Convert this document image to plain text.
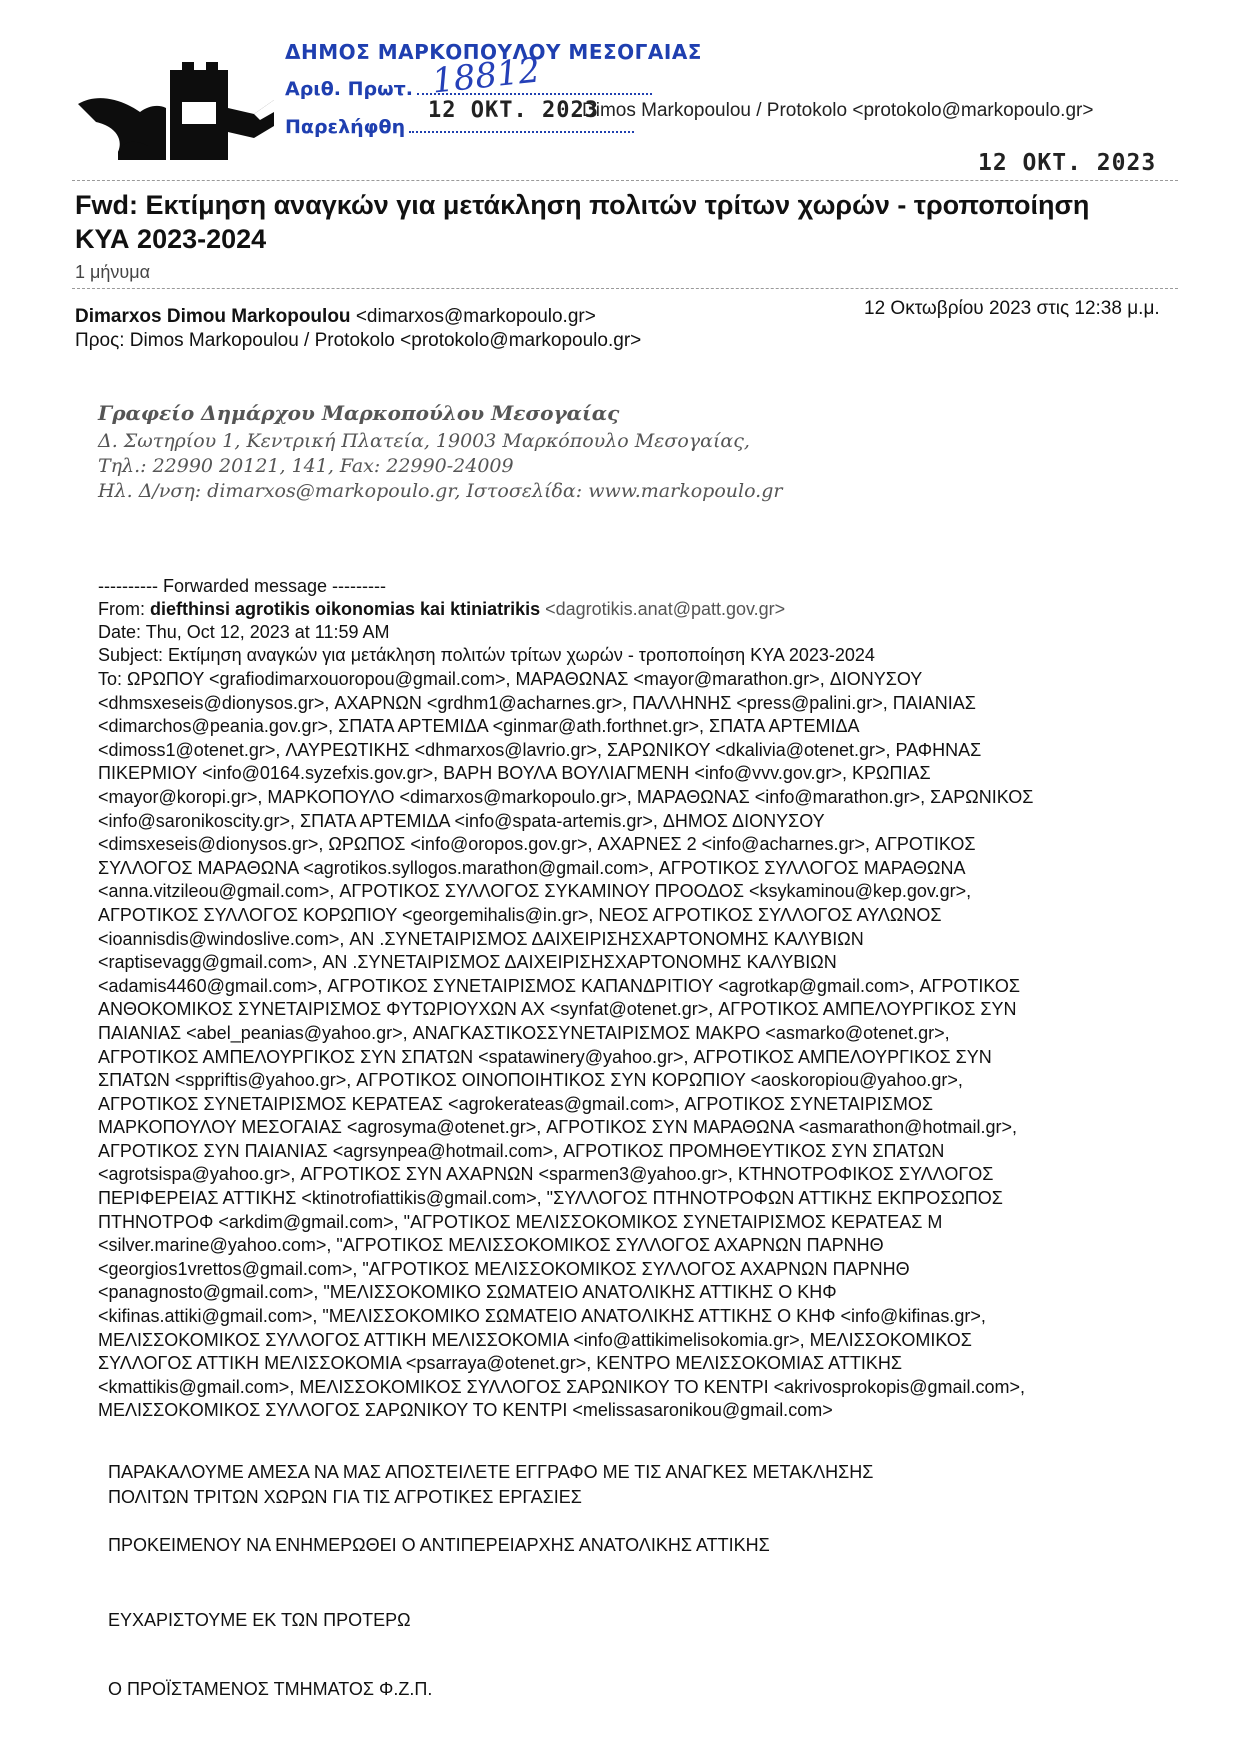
ΔΗΜΟΣ ΜΑΡΚΟΠΟΥΛΟΥ ΜΕΣΟΓΑΙΑΣ
Αριθ. Πρωτ. 18812
Παρελήφθη
12 ΟΚΤ. 2023
Dimos Markopoulou / Protokolo <protokolo@markopoulo.gr>
12 ΟΚΤ. 2023
Fwd: Εκτίμηση αναγκών για μετάκληση πολιτών τρίτων χωρών - τροποποίηση
ΚΥΑ 2023-2024
1 μήνυμα
Dimarxos Dimou Markopoulou <dimarxos@markopoulo.gr>	12 Οκτωβρίου 2023 στις 12:38 μ.μ.
Προς: Dimos Markopoulou / Protokolo <protokolo@markopoulo.gr>
Γραφείο Δημάρχου Μαρκοπούλου Μεσογαίας
Δ. Σωτηρίου 1, Κεντρική Πλατεία, 19003 Μαρκόπουλο Μεσογαίας,
Τηλ.: 22990 20121, 141, Fax: 22990-24009
Ηλ. Δ/νση: dimarxos@markopoulo.gr, Ιστοσελίδα: www.markopoulo.gr
---------- Forwarded message ---------
From: diefthinsi agrotikis oikonomias kai ktiniatrikis <dagrotikis.anat@patt.gov.gr>
Date: Thu, Oct 12, 2023 at 11:59 AM
Subject: Εκτίμηση αναγκών για μετάκληση πολιτών τρίτων χωρών - τροποποίηση ΚΥΑ 2023-2024
To: ΩΡΩΠΟΥ <grafiodimarxouoropou@gmail.com>, ΜΑΡΑΘΩΝΑΣ <mayor@marathon.gr>, ΔΙΟΝΥΣΟΥ
<dhmsxeseis@dionysos.gr>, ΑΧΑΡΝΩΝ <grdhm1@acharnes.gr>, ΠΑΛΛΗΝΗΣ <press@palini.gr>, ΠΑΙΑΝΙΑΣ
<dimarchos@peania.gov.gr>, ΣΠΑΤΑ ΑΡΤΕΜΙΔΑ <ginmar@ath.forthnet.gr>, ΣΠΑΤΑ ΑΡΤΕΜΙΔΑ
<dimoss1@otenet.gr>, ΛΑΥΡΕΩΤΙΚΗΣ <dhmarxos@lavrio.gr>, ΣΑΡΩΝΙΚΟΥ <dkalivia@otenet.gr>, ΡΑΦΗΝΑΣ
ΠΙΚΕΡΜΙΟΥ <info@0164.syzefxis.gov.gr>, ΒΑΡΗ ΒΟΥΛΑ ΒΟΥΛΙΑΓΜΕΝΗ <info@vvv.gov.gr>, ΚΡΩΠΙΑΣ
<mayor@koropi.gr>, ΜΑΡΚΟΠΟΥΛΟ <dimarxos@markopoulo.gr>, ΜΑΡΑΘΩΝΑΣ <info@marathon.gr>, ΣΑΡΩΝΙΚΟΣ
<info@saronikoscity.gr>, ΣΠΑΤΑ ΑΡΤΕΜΙΔΑ <info@spata-artemis.gr>, ΔΗΜΟΣ ΔΙΟΝΥΣΟΥ
<dimsxeseis@dionysos.gr>, ΩΡΩΠΟΣ <info@oropos.gov.gr>, ΑΧΑΡΝΕΣ 2 <info@acharnes.gr>, ΑΓΡΟΤΙΚΟΣ
ΣΥΛΛΟΓΟΣ ΜΑΡΑΘΩΝΑ <agrotikos.syllogos.marathon@gmail.com>, ΑΓΡΟΤΙΚΟΣ ΣΥΛΛΟΓΟΣ ΜΑΡΑΘΩΝΑ
<anna.vitzileou@gmail.com>, ΑΓΡΟΤΙΚΟΣ ΣΥΛΛΟΓΟΣ ΣΥΚΑΜΙΝΟΥ ΠΡΟΟΔΟΣ <ksykaminou@kep.gov.gr>,
ΑΓΡΟΤΙΚΟΣ ΣΥΛΛΟΓΟΣ ΚΟΡΩΠΙΟΥ <georgemihalis@in.gr>, ΝΕΟΣ ΑΓΡΟΤΙΚΟΣ ΣΥΛΛΟΓΟΣ ΑΥΛΩΝΟΣ
<ioannisdis@windoslive.com>, ΑΝ .ΣΥΝΕΤΑΙΡΙΣΜΟΣ ΔΑΙΧΕΙΡΙΣΗΣΧΑΡΤΟΝΟΜΗΣ ΚΑΛΥΒΙΩΝ
<raptisevagg@gmail.com>, ΑΝ .ΣΥΝΕΤΑΙΡΙΣΜΟΣ ΔΑΙΧΕΙΡΙΣΗΣΧΑΡΤΟΝΟΜΗΣ ΚΑΛΥΒΙΩΝ
<adamis4460@gmail.com>, ΑΓΡΟΤΙΚΟΣ ΣΥΝΕΤΑΙΡΙΣΜΟΣ ΚΑΠΑΝΔΡΙΤΙΟΥ <agrotkap@gmail.com>, ΑΓΡΟΤΙΚΟΣ
ΑΝΘΟΚΟΜΙΚΟΣ ΣΥΝΕΤΑΙΡΙΣΜΟΣ ΦΥΤΩΡΙΟΥΧΩΝ ΑΧ <synfat@otenet.gr>, ΑΓΡΟΤΙΚΟΣ ΑΜΠΕΛΟΥΡΓΙΚΟΣ ΣΥΝ
ΠΑΙΑΝΙΑΣ <abel_peanias@yahoo.gr>, ΑΝΑΓΚΑΣΤΙΚΟΣΣΥΝΕΤΑΙΡΙΣΜΟΣ ΜΑΚΡΟ <asmarko@otenet.gr>,
ΑΓΡΟΤΙΚΟΣ ΑΜΠΕΛΟΥΡΓΙΚΟΣ ΣΥΝ ΣΠΑΤΩΝ <spatawinery@yahoo.gr>, ΑΓΡΟΤΙΚΟΣ ΑΜΠΕΛΟΥΡΓΙΚΟΣ ΣΥΝ
ΣΠΑΤΩΝ <sppriftis@yahoo.gr>, ΑΓΡΟΤΙΚΟΣ ΟΙΝΟΠΟΙΗΤΙΚΟΣ ΣΥΝ ΚΟΡΩΠΙΟΥ <aoskoropiou@yahoo.gr>,
ΑΓΡΟΤΙΚΟΣ ΣΥΝΕΤΑΙΡΙΣΜΟΣ ΚΕΡΑΤΕΑΣ <agrokerateas@gmail.com>, ΑΓΡΟΤΙΚΟΣ ΣΥΝΕΤΑΙΡΙΣΜΟΣ
ΜΑΡΚΟΠΟΥΛΟΥ ΜΕΣΟΓΑΙΑΣ <agrosyma@otenet.gr>, ΑΓΡΟΤΙΚΟΣ ΣΥΝ ΜΑΡΑΘΩΝΑ <asmarathon@hotmail.gr>,
ΑΓΡΟΤΙΚΟΣ ΣΥΝ ΠΑΙΑΝΙΑΣ <agrsynpea@hotmail.com>, ΑΓΡΟΤΙΚΟΣ ΠΡΟΜΗΘΕΥΤΙΚΟΣ ΣΥΝ ΣΠΑΤΩΝ
<agrotsispa@yahoo.gr>, ΑΓΡΟΤΙΚΟΣ ΣΥΝ ΑΧΑΡΝΩΝ <sparmen3@yahoo.gr>, ΚΤΗΝΟΤΡΟΦΙΚΟΣ ΣΥΛΛΟΓΟΣ
ΠΕΡΙΦΕΡΕΙΑΣ ΑΤΤΙΚΗΣ <ktinotrofiattikis@gmail.com>, "ΣΥΛΛΟΓΟΣ ΠΤΗΝΟΤΡΟΦΩΝ ΑΤΤΙΚΗΣ ΕΚΠΡΟΣΩΠΟΣ
ΠΤΗΝΟΤΡΟΦ <arkdim@gmail.com>, "ΑΓΡΟΤΙΚΟΣ ΜΕΛΙΣΣΟΚΟΜΙΚΟΣ ΣΥΝΕΤΑΙΡΙΣΜΟΣ ΚΕΡΑΤΕΑΣ Μ
<silver.marine@yahoo.com>, "ΑΓΡΟΤΙΚΟΣ ΜΕΛΙΣΣΟΚΟΜΙΚΟΣ ΣΥΛΛΟΓΟΣ ΑΧΑΡΝΩΝ ΠΑΡΝΗΘ
<georgios1vrettos@gmail.com>, "ΑΓΡΟΤΙΚΟΣ ΜΕΛΙΣΣΟΚΟΜΙΚΟΣ ΣΥΛΛΟΓΟΣ ΑΧΑΡΝΩΝ ΠΑΡΝΗΘ
<panagnosto@gmail.com>, "ΜΕΛΙΣΣΟΚΟΜΙΚΟ ΣΩΜΑΤΕΙΟ ΑΝΑΤΟΛΙΚΗΣ ΑΤΤΙΚΗΣ Ο ΚΗΦ
<kifinas.attiki@gmail.com>, "ΜΕΛΙΣΣΟΚΟΜΙΚΟ ΣΩΜΑΤΕΙΟ ΑΝΑΤΟΛΙΚΗΣ ΑΤΤΙΚΗΣ Ο ΚΗΦ <info@kifinas.gr>,
ΜΕΛΙΣΣΟΚΟΜΙΚΟΣ ΣΥΛΛΟΓΟΣ ΑΤΤΙΚΗ ΜΕΛΙΣΣΟΚΟΜΙΑ <info@attikimelisokomia.gr>, ΜΕΛΙΣΣΟΚΟΜΙΚΟΣ
ΣΥΛΛΟΓΟΣ ΑΤΤΙΚΗ ΜΕΛΙΣΣΟΚΟΜΙΑ <psarraya@otenet.gr>, ΚΕΝΤΡΟ ΜΕΛΙΣΣΟΚΟΜΙΑΣ ΑΤΤΙΚΗΣ
<kmattikis@gmail.com>, ΜΕΛΙΣΣΟΚΟΜΙΚΟΣ ΣΥΛΛΟΓΟΣ ΣΑΡΩΝΙΚΟΥ ΤΟ ΚΕΝΤΡΙ <akrivosprokopis@gmail.com>,
ΜΕΛΙΣΣΟΚΟΜΙΚΟΣ ΣΥΛΛΟΓΟΣ ΣΑΡΩΝΙΚΟΥ ΤΟ ΚΕΝΤΡΙ <melissasaronikou@gmail.com>
ΠΑΡΑΚΑΛΟΥΜΕ ΑΜΕΣΑ ΝΑ ΜΑΣ ΑΠΟΣΤΕΙΛΕΤΕ ΕΓΓΡΑΦΟ ΜΕ ΤΙΣ ΑΝΑΓΚΕΣ ΜΕΤΑΚΛΗΣΗΣ
ΠΟΛΙΤΩΝ ΤΡΙΤΩΝ ΧΩΡΩΝ ΓΙΑ ΤΙΣ ΑΓΡΟΤΙΚΕΣ ΕΡΓΑΣΙΕΣ
ΠΡΟΚΕΙΜΕΝΟΥ ΝΑ ΕΝΗΜΕΡΩΘΕΙ Ο ΑΝΤΙΠΕΡΕΙΑΡΧΗΣ ΑΝΑΤΟΛΙΚΗΣ ΑΤΤΙΚΗΣ
ΕΥΧΑΡΙΣΤΟΥΜΕ ΕΚ ΤΩΝ ΠΡΟΤΕΡΩ
Ο ΠΡΟΪΣΤΑΜΕΝΟΣ ΤΜΗΜΑΤΟΣ Φ.Ζ.Π.
